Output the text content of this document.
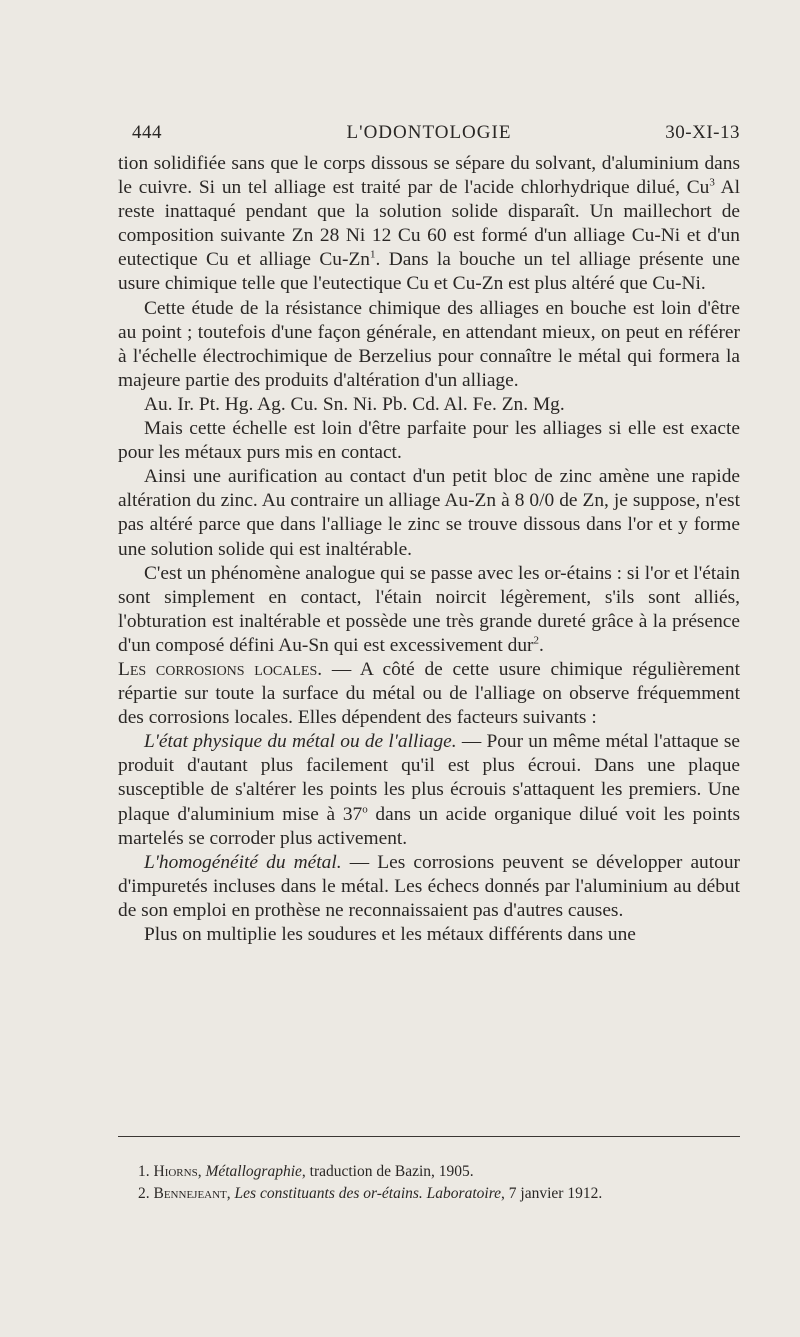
444	L'ODONTOLOGIE	30-XI-13

tion solidifiée sans que le corps dissous se sépare du solvant, d'aluminium dans le cuivre. Si un tel alliage est traité par de l'acide chlorhydrique dilué, Cu$^3$ Al reste inattaqué pendant que la solution solide disparaît. Un maillechort de composition suivante Zn 28 Ni 12 Cu 60 est formé d'un alliage Cu-Ni et d'un eutectique Cu et alliage Cu-Zn$^1$. Dans la bouche un tel alliage présente une usure chimique telle que l'eutectique Cu et Cu-Zn est plus altéré que Cu-Ni.

Cette étude de la résistance chimique des alliages en bouche est loin d'être au point ; toutefois d'une façon générale, en attendant mieux, on peut en référer à l'échelle électrochimique de Berzelius pour connaître le métal qui formera la majeure partie des produits d'altération d'un alliage.

Au. Ir. Pt. Hg. Ag. Cu. Sn. Ni. Pb. Cd. Al. Fe. Zn. Mg.

Mais cette échelle est loin d'être parfaite pour les alliages si elle est exacte pour les métaux purs mis en contact.

Ainsi une aurification au contact d'un petit bloc de zinc amène une rapide altération du zinc. Au contraire un alliage Au-Zn à 8 0/0 de Zn, je suppose, n'est pas altéré parce que dans l'alliage le zinc se trouve dissous dans l'or et y forme une solution solide qui est inaltérable.

C'est un phénomène analogue qui se passe avec les or-étains : si l'or et l'étain sont simplement en contact, l'étain noircit légèrement, s'ils sont alliés, l'obturation est inaltérable et possède une très grande dureté grâce à la présence d'un composé défini Au-Sn qui est excessivement dur$^2$.

Les corrosions locales. — A côté de cette usure chimique régulièrement répartie sur toute la surface du métal ou de l'alliage on observe fréquemment des corrosions locales. Elles dépendent des facteurs suivants :

L'état physique du métal ou de l'alliage. — Pour un même métal l'attaque se produit d'autant plus facilement qu'il est plus écroui. Dans une plaque susceptible de s'altérer les points les plus écrouis s'attaquent les premiers. Une plaque d'aluminium mise à 37$^o$ dans un acide organique dilué voit les points martelés se corroder plus activement.

L'homogénéité du métal. — Les corrosions peuvent se développer autour d'impuretés incluses dans le métal. Les échecs donnés par l'aluminium au début de son emploi en prothèse ne reconnaissaient pas d'autres causes.

Plus on multiplie les soudures et les métaux différents dans une

1. Hiorns, Métallographie, traduction de Bazin, 1905.
2. Bennejeant, Les constituants des or-étains. Laboratoire, 7 janvier 1912.
